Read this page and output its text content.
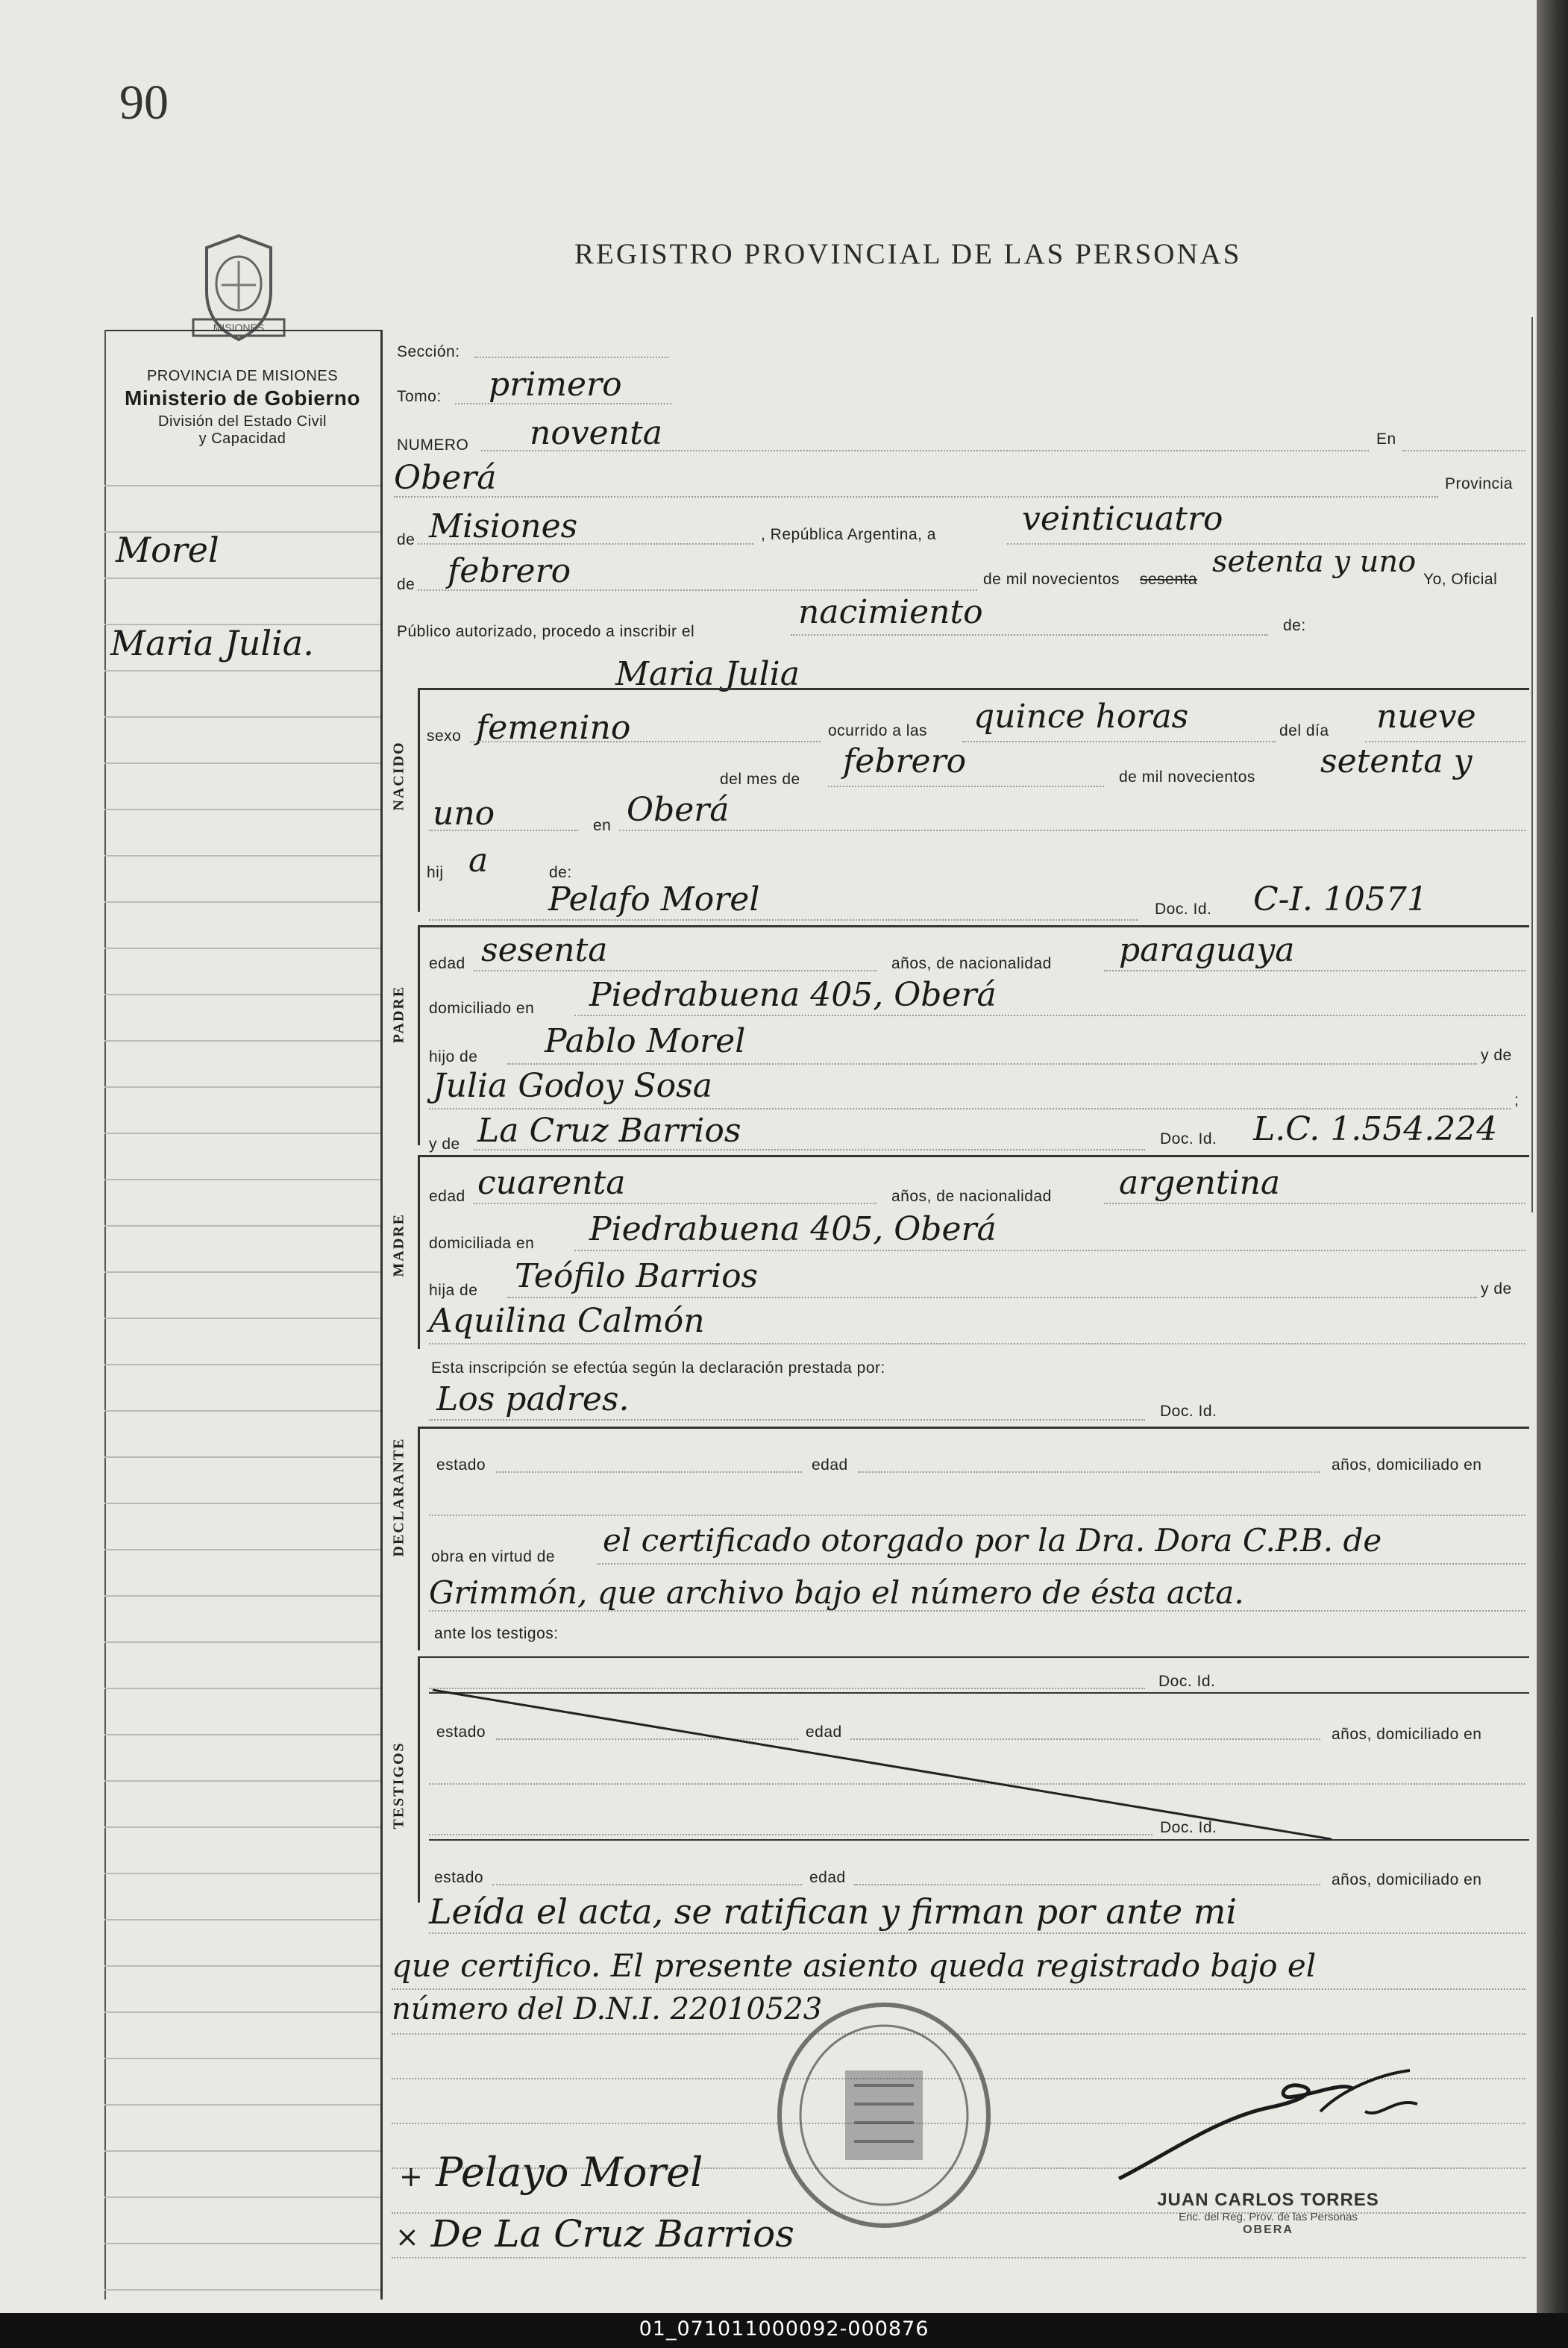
90
MISIONES
REGISTRO PROVINCIAL DE LAS PERSONAS
PROVINCIA DE MISIONES
Ministerio de Gobierno
División del Estado Civil
y Capacidad
Morel
Maria Julia.
Sección:
Tomo: primero
NUMERO noventa	En
Oberá	Provincia
de Misiones	, República Argentina, a	veinticuatro
de febrero	de mil novecientos sesenta
setenta y uno
Yo, Oficial
Público autorizado, procedo a inscribir el
nacimiento	de:
Maria Julia
NACIDO
sexo femenino	ocurrido a las quince horas	del día nueve
del mes de febrero	de mil novecientos setenta y
uno	en Oberá
hij a	de:
Pelafo Morel	Doc. Id. C-I. 10571
PADRE
edad sesenta	años, de nacionalidad paraguaya
domiciliado en Piedrabuena 405, Oberá
hijo de Pablo Morel	y de
Julia Godoy Sosa	;
y de La Cruz Barrios	Doc. Id. L.C. 1.554.224
MADRE
edad cuarenta	años, de nacionalidad argentina
domiciliada en Piedrabuena 405, Oberá
hija de Teófilo Barrios	y de
Aquilina Calmón
Esta inscripción se efectúa según la declaración prestada por:
Los padres.	Doc. Id.
DECLARANTE estado	edad	años, domiciliado en
obra en virtud de el certificado otorgado por la Dra. Dora C.P.B. de
Grimmón, que archivo bajo el número de ésta acta.
ante los testigos:
TESTIGOS
Doc. Id.
estado	edad	años, domiciliado en
Doc. Id.
estado	edad	años, domiciliado en
Leída el acta, se ratifican y firman por ante mi
que certifico. El presente asiento queda registrado bajo el
número del D.N.I. 22010523
JUAN CARLOS TORRES
Enc. del Reg. Prov. de las Personas
OBERA
+ Pelayo Morel
× De La Cruz Barrios
01_071011000092-000876
